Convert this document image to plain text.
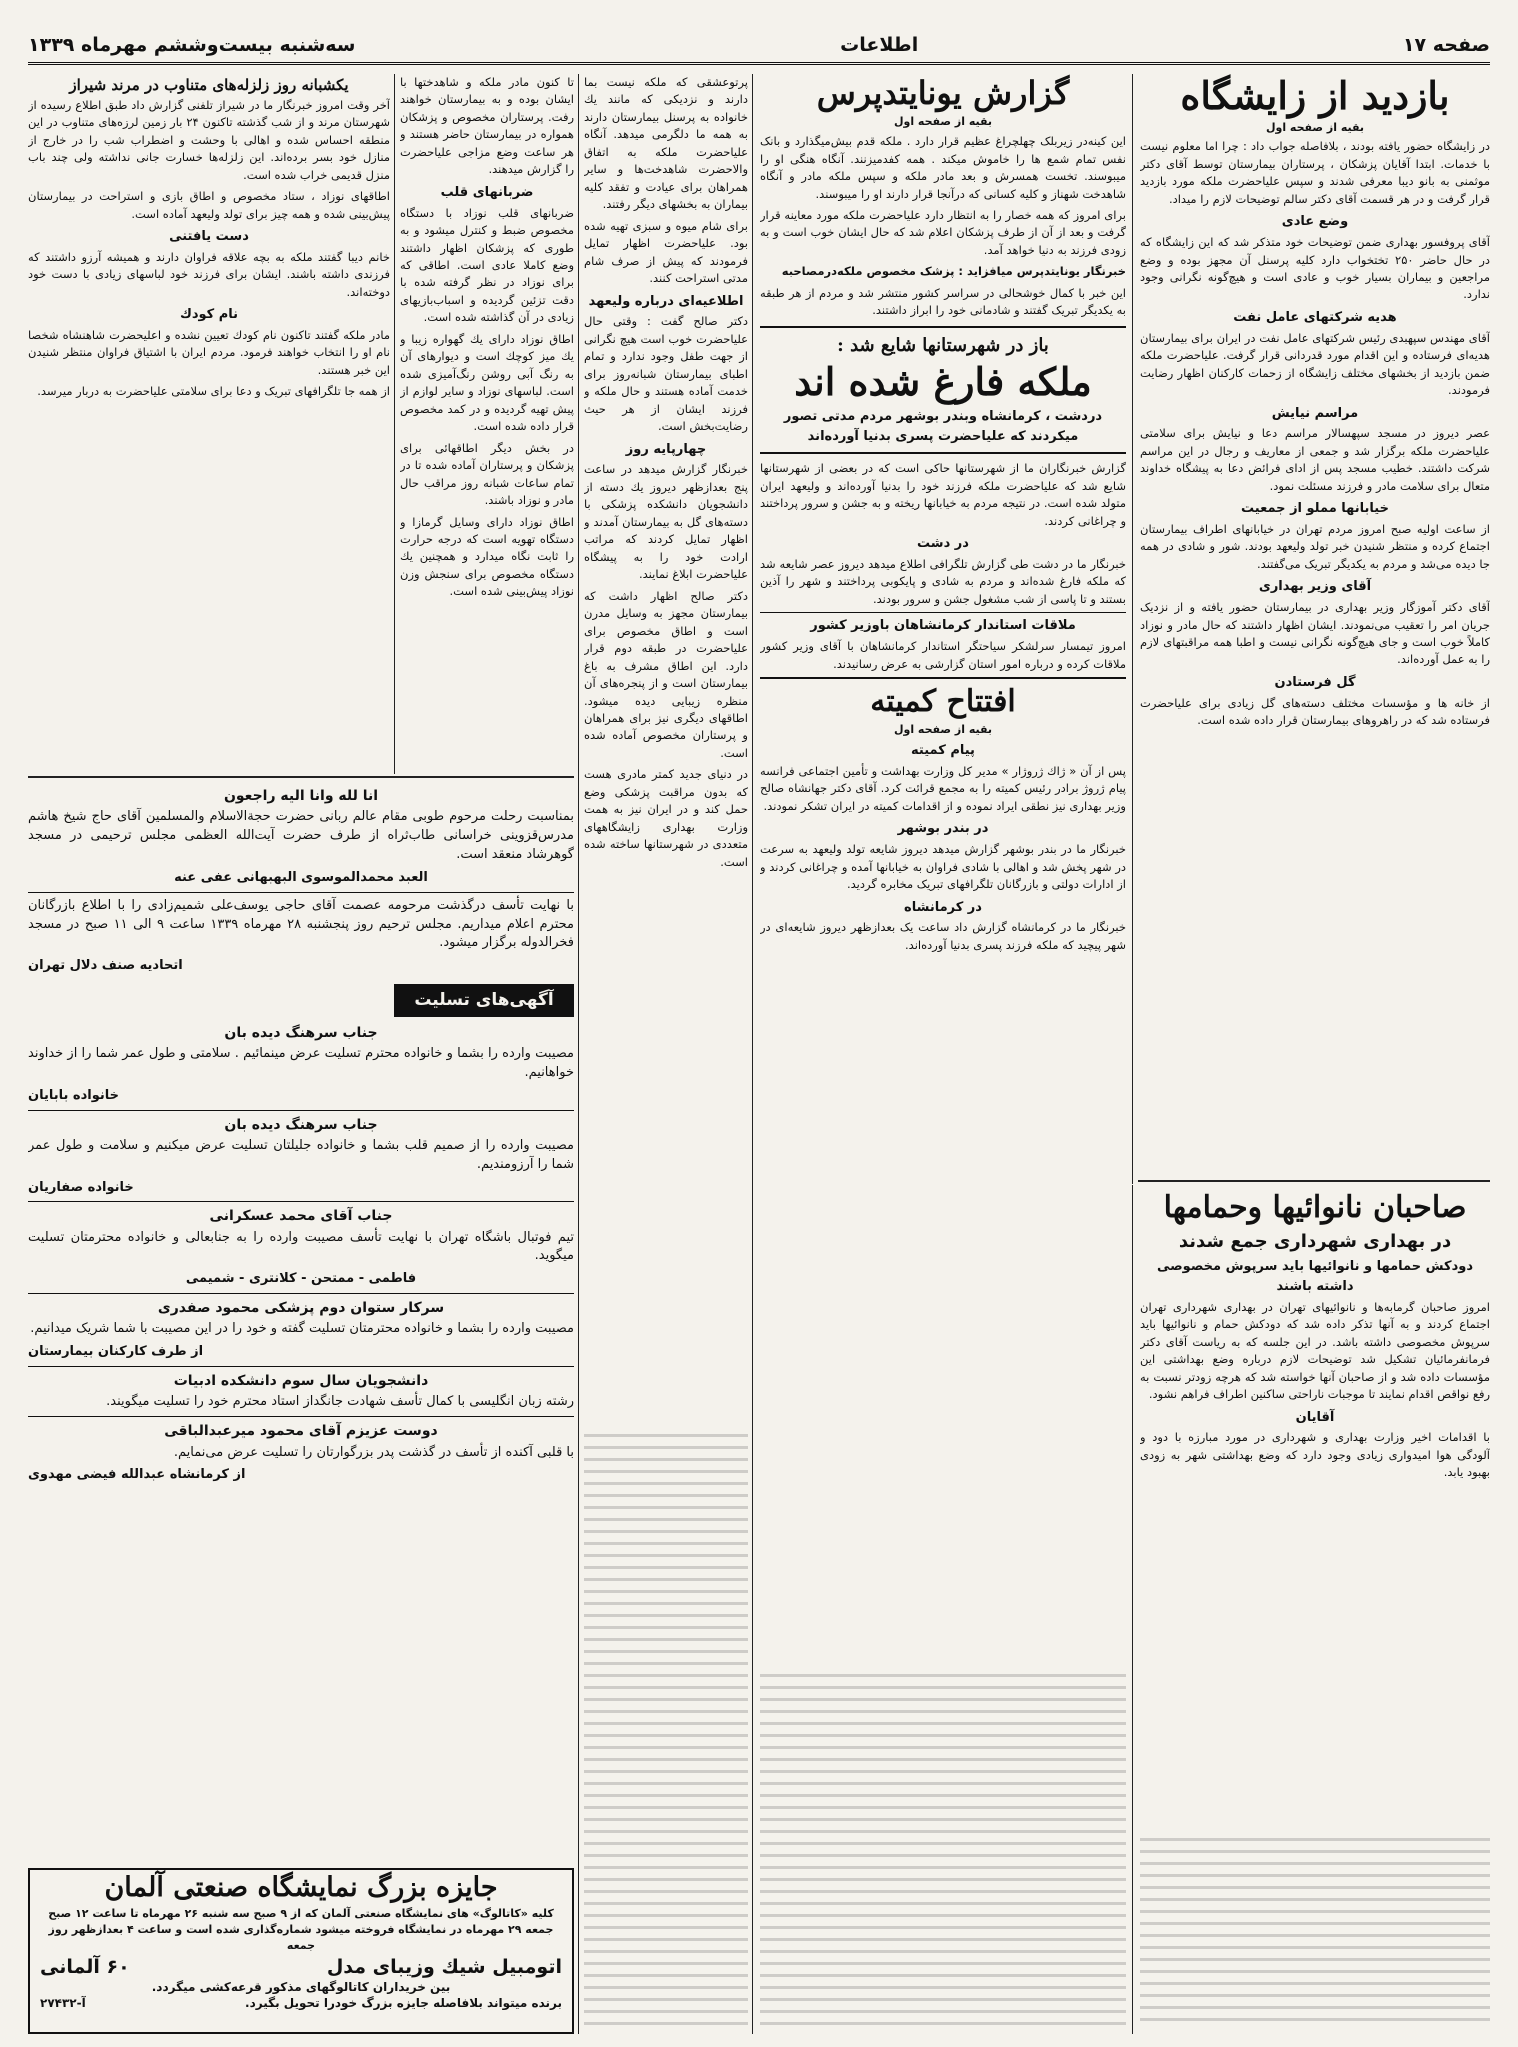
صفحه ۱۷
اطلاعات
سه‌شنبه بیست‌وششم مهرماه ۱۳۳۹
بازدید از زایشگاه
بقیه از صفحه اول

در زایشگاه حضور یافته بودند ، بلافاصله جواب داد : چرا اما معلوم نیست با خدمات. ابتدا آقایان پزشکان ، پرستاران بیمارستان توسط آقای دکتر موثمنی به بانو دیبا معرفی شدند و سپس علیاحضرت ملکه مورد بازدید قرار گرفت و در هر قسمت آقای دکتر سالم توضیحات لازم را میداد.

وضع عادی

آقای پروفسور بهداری ضمن توضیحات خود متذکر شد که این زایشگاه که در حال حاضر ۲۵۰ تختخواب دارد کلیه پرسنل آن مجهز بوده و وضع مراجعین و بیماران بسیار خوب و عادی است و هیچ‌گونه نگرانی وجود ندارد.

هدیه شرکتهای عامل نفت

آقای مهندس سپهبدی رئیس شرکتهای عامل نفت در ایران برای بیمارستان هدیه‌ای فرستاده و این اقدام مورد قدردانی قرار گرفت. علیاحضرت ملکه ضمن بازدید از بخشهای مختلف زایشگاه از زحمات کارکنان اظهار رضایت فرمودند.

مراسم نیایش

عصر دیروز در مسجد سپهسالار مراسم دعا و نیایش برای سلامتی علیاحضرت ملکه برگزار شد و جمعی از معاریف و رجال در این مراسم شرکت داشتند. خطیب مسجد پس از ادای فرائض دعا به پیشگاه خداوند متعال برای سلامت مادر و فرزند مسئلت نمود.

خیابانها مملو از جمعیت

از ساعت اولیه صبح امروز مردم تهران در خیابانهای اطراف بیمارستان اجتماع کرده و منتظر شنیدن خبر تولد ولیعهد بودند. شور و شادی در همه جا دیده می‌شد و مردم به یکدیگر تبریک می‌گفتند.

آقای وزیر بهداری

آقای دکتر آموزگار وزیر بهداری در بیمارستان حضور یافته و از نزدیک جریان امر را تعقیب می‌نمودند. ایشان اظهار داشتند که حال مادر و نوزاد کاملاً خوب است و جای هیچ‌گونه نگرانی نیست و اطبا همه مراقبتهای لازم را به عمل آورده‌اند.

گل فرستادن

از خانه ها و مؤسسات مختلف دسته‌های گل زیادی برای علیاحضرت فرستاده شد که در راهروهای بیمارستان قرار داده شده است.

صاحبان نانوائیها وحمامها
در بهداری شهرداری جمع شدند
دودکش حمامها و نانوائیها باید سرپوش مخصوصی داشته باشند

امروز صاحبان گرمابه‌ها و نانوائیهای تهران در بهداری شهرداری تهران اجتماع کردند و به آنها تذکر داده شد که دودکش حمام و نانوائیها باید سرپوش مخصوصی داشته باشد. در این جلسه که به ریاست آقای دکتر فرمانفرمائیان تشکیل شد توضیحات لازم درباره وضع بهداشتی این مؤسسات داده شد و از صاحبان آنها خواسته شد که هرچه زودتر نسبت به رفع نواقص اقدام نمایند تا موجبات ناراحتی ساکنین اطراف فراهم نشود.

آقایان

با اقدامات اخیر وزارت بهداری و شهرداری در مورد مبارزه با دود و آلودگی هوا امیدواری زیادی وجود دارد که وضع بهداشتی شهر به زودی بهبود یابد.

گزارش یونایتدپرس
بقیه از صفحه اول

این کینه‌در زیربلک چهلچراغ عظیم قرار دارد . ملکه قدم بیش‌میگذارد و بانک نفس تمام شمع ها را خاموش میکند . همه کفدمیزنند. آنگاه هنگی او را میبوسند. تخست همسرش و بعد مادر ملکه و سپس ملکه مادر و آنگاه شاهدخت شهناز و کلیه کسانی که درآنجا قرار دارند او را میبوسند.

برای امروز که همه خصار را به انتظار دارد علیاحضرت ملکه مورد معاینه قرار گرفت و بعد از آن از طرف پزشکان اعلام شد که حال ایشان خوب است و به زودی فرزند به دنیا خواهد آمد.

خبرنگار یونایتدپرس میافزاید : پزشک مخصوص ملکه‌درمصاحبه

این خبر با کمال خوشحالی در سراسر کشور منتشر شد و مردم از هر طبقه به یکدیگر تبریک گفتند و شادمانی خود را ابراز داشتند.

باز در شهرستانها شایع شد :
ملکه فارغ شده اند
دردشت ، کرمانشاه وبندر بوشهر مردم مدتی تصور میکردند که علیاحضرت پسری بدنیا آورده‌اند

گزارش خبرنگاران ما از شهرستانها حاکی است که در بعضی از شهرستانها شایع شد که علیاحضرت ملکه فرزند خود را بدنیا آورده‌اند و ولیعهد ایران متولد شده است. در نتیجه مردم به خیابانها ریخته و به جشن و سرور پرداختند و چراغانی کردند.

در دشت

خبرنگار ما در دشت طی گزارش تلگرافی اطلاع میدهد دیروز عصر شایعه شد که ملکه فارغ شده‌اند و مردم به شادی و پایکوبی پرداختند و شهر را آذین بستند و تا پاسی از شب مشغول جشن و سرور بودند.

ملاقات استاندار کرمانشاهان باوزیر کشور

امروز تیمسار سرلشکر سیاحتگر استاندار کرمانشاهان با آقای وزیر کشور ملاقات کرده و درباره امور استان گزارشی به عرض رسانیدند.

افتتاح کمیته
بقیه از صفحه اول
پیام کمیته

پس از آن « ژاك ژروژار » مدیر کل وزارت بهداشت و تأمین اجتماعی فرانسه پیام ژروژ برادر رئیس کمیته را به مجمع قرائت کرد. آقای دکتر جهانشاه صالح وزیر بهداری نیز نطقی ایراد نموده و از اقدامات کمیته در ایران تشکر نمودند.

در بندر بوشهر

خبرنگار ما در بندر بوشهر گزارش میدهد دیروز شایعه تولد ولیعهد به سرعت در شهر پخش شد و اهالی با شادی فراوان به خیابانها آمده و چراغانی کردند و از ادارات دولتی و بازرگانان تلگرافهای تبریک مخابره گردید.

در کرمانشاه

خبرنگار ما در کرمانشاه گزارش داد ساعت یک بعدازظهر دیروز شایعه‌ای در شهر پیچید که ملکه فرزند پسری بدنیا آورده‌اند.

پرتو‌عشقی که ملکه نیست بما دارند و نزدیکی که مانند یك خانواده به پرسنل بیمارستان دارند به همه ما دلگرمی میدهد. آنگاه علیاحضرت ملکه به اتفاق والاحضرت شاهدخت‌ها و سایر همراهان برای عیادت و تفقد کلیه بیماران به بخشهای دیگر رفتند.

برای شام میوه و سبزی تهیه شده بود. علیاحضرت اظهار تمایل فرمودند که پیش از صرف شام مدتی استراحت کنند.

اطلاعیه‌ای درباره ولیعهد

دکتر صالح گفت : وقتی حال علیاحضرت خوب است هیچ نگرانی از جهت طفل وجود ندارد و تمام اطبای بیمارستان شبانه‌روز برای خدمت آماده هستند و حال ملکه و فرزند ایشان از هر حیث رضایت‌بخش است.

چهارپایه روز

خبرنگار گزارش میدهد در ساعت پنج بعدازظهر دیروز یك دسته از دانشجویان دانشکده پزشکی با دسته‌های گل به بیمارستان آمدند و اظهار تمایل کردند که مراتب ارادت خود را به پیشگاه علیاحضرت ابلاغ نمایند.

دکتر صالح اظهار داشت که بیمارستان مجهز به وسایل مدرن است و اطاق مخصوص برای علیاحضرت در طبقه دوم قرار دارد. این اطاق مشرف به باغ بیمارستان است و از پنجره‌های آن منظره زیبایی دیده میشود. اطاقهای دیگری نیز برای همراهان و پرستاران مخصوص آماده شده است.

در دنیای جدید کمتر مادری هست که بدون مراقبت پزشکی وضع حمل کند و در ایران نیز به همت وزارت بهداری زایشگاههای متعددی در شهرستانها ساخته شده است.

تا کنون مادر ملکه و شاهدختها با ایشان بوده و به بیمارستان خواهند رفت. پرستاران مخصوص و پزشکان همواره در بیمارستان حاضر هستند و هر ساعت وضع مزاجی علیاحضرت را گزارش میدهند.

ضربانهای قلب

ضربانهای قلب نوزاد با دستگاه مخصوص ضبط و کنترل میشود و به طوری که پزشکان اظهار داشتند وضع کاملا عادی است. اطاقی که برای نوزاد در نظر گرفته شده با دقت تزئین گردیده و اسباب‌بازیهای زیادی در آن گذاشته شده است.

اطاق نوزاد دارای یك گهواره زیبا و یك میز کوچك است و دیوارهای آن به رنگ آبی روشن رنگ‌آمیزی شده است. لباسهای نوزاد و سایر لوازم از پیش تهیه گردیده و در کمد مخصوص قرار داده شده است.

در بخش دیگر اطاقهائی برای پزشکان و پرستاران آماده شده تا در تمام ساعات شبانه روز مراقب حال مادر و نوزاد باشند.

اطاق نوزاد دارای وسایل گرمازا و دستگاه تهویه است که درجه حرارت را ثابت نگاه میدارد و همچنین یك دستگاه مخصوص برای سنجش وزن نوزاد پیش‌بینی شده است.

یکشبانه روز زلزله‌های متناوب در مرند شیراز

آخر وقت امروز خبرنگار ما در شیراز تلفنی گزارش داد طبق اطلاع رسیده از شهرستان مرند و از شب گذشته تاکنون ۲۴ بار زمین لرزه‌های متناوب در این منطقه احساس شده و اهالی با وحشت و اضطراب شب را در خارج از منازل خود بسر برده‌اند. این زلزله‌ها خسارت جانی نداشته ولی چند باب منزل قدیمی خراب شده است.

اطاقهای نوزاد ، ستاد مخصوص و اطاق بازی و استراحت در بیمارستان پیش‌بینی شده و همه چیز برای تولد ولیعهد آماده است.

دست یافتنی

خانم دیبا گفتند ملکه به بچه علاقه فراوان دارند و همیشه آرزو داشتند که فرزندی داشته باشند. ایشان برای فرزند خود لباسهای زیادی با دست خود دوخته‌اند.

نام کودك

مادر ملکه گفتند تاکنون نام کودك تعیین نشده و اعلیحضرت شاهنشاه شخصا نام او را انتخاب خواهند فرمود. مردم ایران با اشتیاق فراوان منتظر شنیدن این خبر هستند.

از همه جا تلگرافهای تبریک و دعا برای سلامتی علیاحضرت به دربار میرسد.

انا لله وانا الیه راجعون

بمناسبت رحلت مرحوم طوبی مقام عالم ربانی حضرت حجةالاسلام والمسلمین آقای حاج شیخ هاشم مدرس‌قزوینی خراسانی طاب‌ثراه از طرف حضرت آیت‌الله العظمی مجلس ترحیمی در مسجد گوهرشاد منعقد است.

العبد محمدالموسوی البهبهانی عفی عنه

با نهایت تأسف درگذشت مرحومه عصمت آقای حاجی یوسف‌علی شمیم‌زادی را با اطلاع بازرگانان محترم اعلام میداریم. مجلس ترحیم روز پنجشنبه ۲۸ مهرماه ۱۳۳۹ ساعت ۹ الی ۱۱ صبح در مسجد فخرالدوله برگزار میشود.

اتحادیه صنف دلال تهران

آگهی‌های تسلیت
جناب سرهنگ دیده بان

مصیبت وارده را بشما و خانواده محترم تسلیت عرض مینمائیم . سلامتی و طول عمر شما را از خداوند خواهانیم.

خانواده بابایان

جناب سرهنگ دیده بان

مصیبت وارده را از صمیم قلب بشما و خانواده جلیلتان تسلیت عرض میکنیم و سلامت و طول عمر شما را آرزومندیم.

خانواده صفاریان

جناب آقای محمد عسکرانی

تیم فوتبال باشگاه تهران با نهایت تأسف مصیبت وارده را به جنابعالی و خانواده محترمتان تسلیت میگوید.

فاطمی - ممتحن - کلانتری - شمیمی

سرکار ستوان دوم پزشکی محمود صفدری

مصیبت وارده را بشما و خانواده محترمتان تسلیت گفته و خود را در این مصیبت با شما شریک میدانیم.

از طرف کارکنان بیمارستان

دانشجویان سال سوم دانشکده ادبیات

رشته زبان انگلیسی با کمال تأسف شهادت جانگداز استاد محترم خود را تسلیت میگویند.

دوست عزیزم آقای محمود میرعبدالباقی

با قلبی آکنده از تأسف در گذشت پدر بزرگوارتان را تسلیت عرض می‌نمایم.

از کرمانشاه عبدالله فیضی مهدوی

جایزه بزرگ نمایشگاه صنعتی آلمان
کلیه «کاتالوگ» های نمایشگاه صنعتی آلمان که از ۹ صبح سه شنبه ۲۶ مهرماه تا ساعت ۱۲ صبح جمعه ۲۹ مهرماه در نمایشگاه فروخته میشود شماره‌گذاری شده است و ساعت ۴ بعدازظهر روز جمعه
اتومبیل شیك وزیبای مدل
۶۰ آلمانی
بین خریداران کاتالوگهای مذکور قرعه‌کشی میگردد.
برنده میتواند بلافاصله جایزه بزرگ خودرا تحویل بگیرد.
آ-۲۷۴۳۲
